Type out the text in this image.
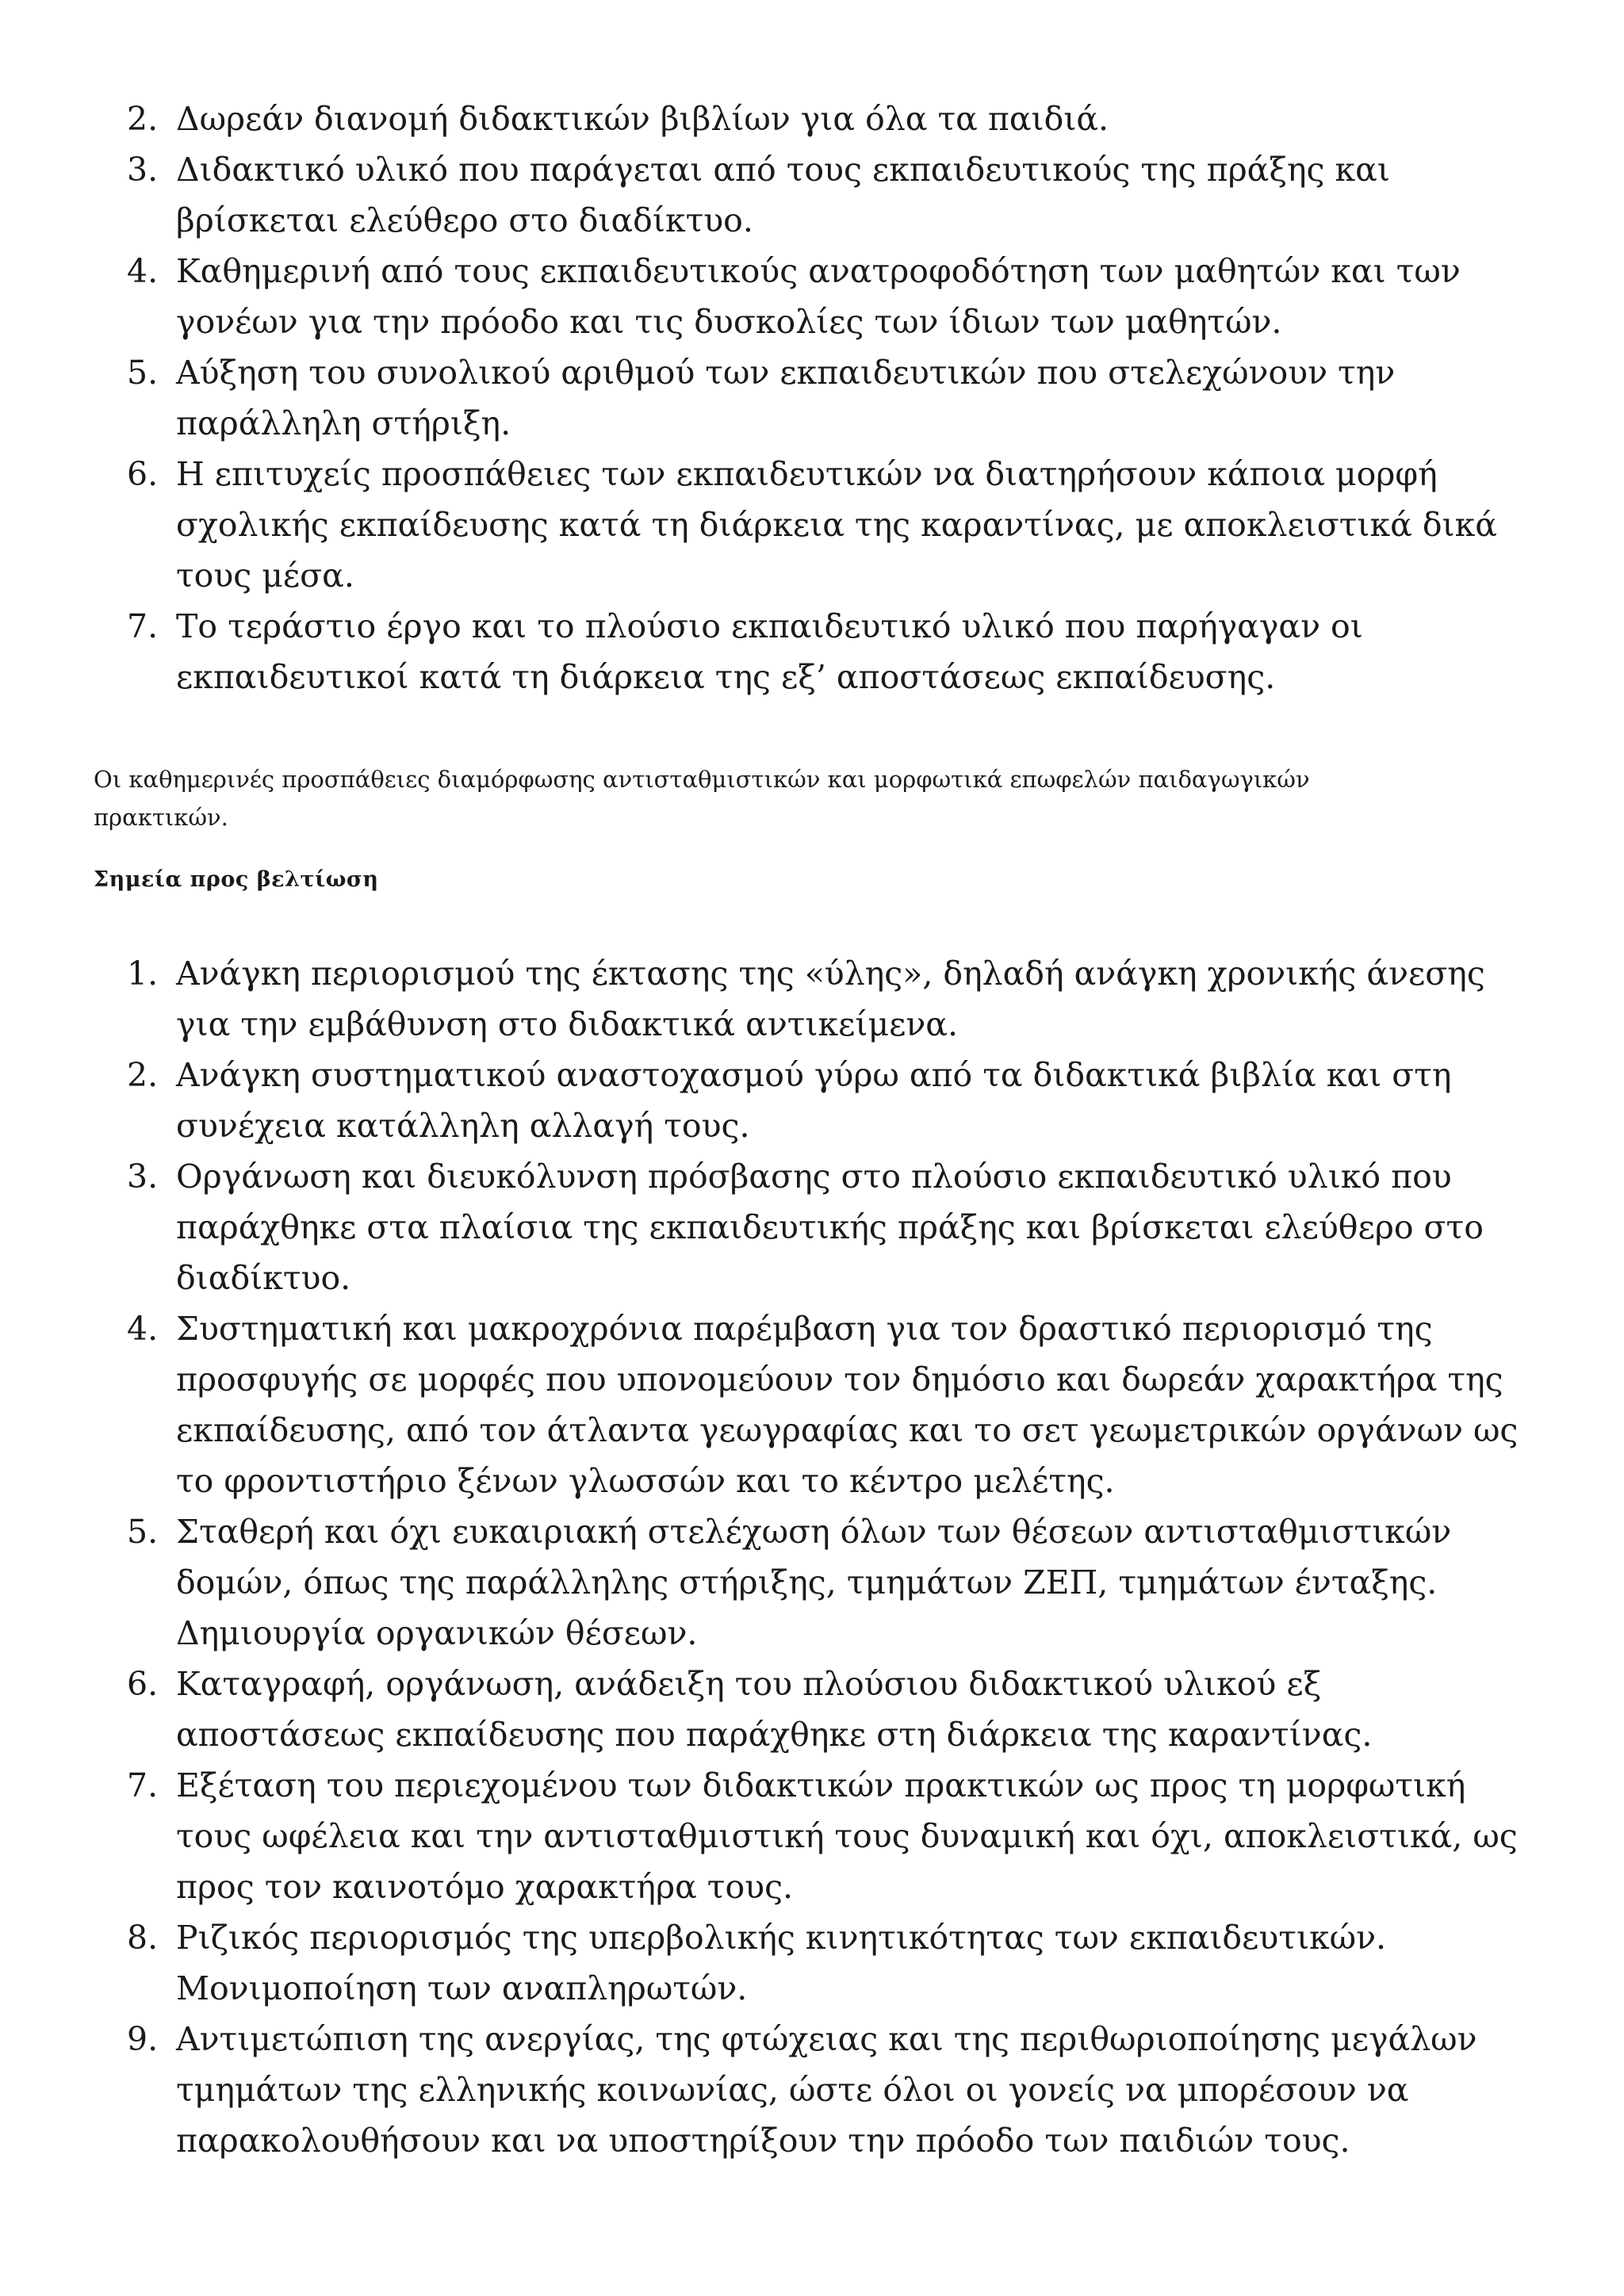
2. Δωρεάν διανομή διδακτικών βιβλίων για όλα τα παιδιά.
3. Διδακτικό υλικό που παράγεται από τους εκπαιδευτικούς της πράξης και βρίσκεται ελεύθερο στο διαδίκτυο.
4. Καθημερινή από τους εκπαιδευτικούς ανατροφοδότηση των μαθητών και των γονέων για την πρόοδο και τις δυσκολίες των ίδιων των μαθητών.
5. Αύξηση του συνολικού αριθμού των εκπαιδευτικών που στελεχώνουν την παράλληλη στήριξη.
6. Η επιτυχείς προσπάθειες των εκπαιδευτικών να διατηρήσουν κάποια μορφή σχολικής εκπαίδευσης κατά τη διάρκεια της καραντίνας, με αποκλειστικά δικά τους μέσα.
7. Το τεράστιο έργο και το πλούσιο εκπαιδευτικό υλικό που παρήγαγαν οι εκπαιδευτικοί κατά τη διάρκεια της εξ’ αποστάσεως εκπαίδευσης.

Οι καθημερινές προσπάθειες διαμόρφωσης αντισταθμιστικών και μορφωτικά επωφελών παιδαγωγικών πρακτικών.

Σημεία προς βελτίωση
1. Ανάγκη περιορισμού της έκτασης της «ύλης», δηλαδή ανάγκη χρονικής άνεσης για την εμβάθυνση στο διδακτικά αντικείμενα.
2. Ανάγκη συστηματικού αναστοχασμού γύρω από τα διδακτικά βιβλία και στη συνέχεια κατάλληλη αλλαγή τους.
3. Οργάνωση και διευκόλυνση πρόσβασης στο πλούσιο εκπαιδευτικό υλικό που παράχθηκε στα πλαίσια της εκπαιδευτικής πράξης και βρίσκεται ελεύθερο στο διαδίκτυο.
4. Συστηματική και μακροχρόνια παρέμβαση για τον δραστικό περιορισμό της προσφυγής σε μορφές που υπονομεύουν τον δημόσιο και δωρεάν χαρακτήρα της εκπαίδευσης, από τον άτλαντα γεωγραφίας και το σετ γεωμετρικών οργάνων ως το φροντιστήριο ξένων γλωσσών και το κέντρο μελέτης.
5. Σταθερή και όχι ευκαιριακή στελέχωση όλων των θέσεων αντισταθμιστικών δομών, όπως της παράλληλης στήριξης, τμημάτων ΖΕΠ, τμημάτων ένταξης. Δημιουργία οργανικών θέσεων.
6. Καταγραφή, οργάνωση, ανάδειξη του πλούσιου διδακτικού υλικού εξ αποστάσεως εκπαίδευσης που παράχθηκε στη διάρκεια της καραντίνας.
7. Εξέταση του περιεχομένου των διδακτικών πρακτικών ως προς τη μορφωτική τους ωφέλεια και την αντισταθμιστική τους δυναμική και όχι, αποκλειστικά, ως προς τον καινοτόμο χαρακτήρα τους.
8. Ριζικός περιορισμός της υπερβολικής κινητικότητας των εκπαιδευτικών. Μονιμοποίηση των αναπληρωτών.
9. Αντιμετώπιση της ανεργίας, της φτώχειας και της περιθωριοποίησης μεγάλων τμημάτων της ελληνικής κοινωνίας, ώστε όλοι οι γονείς να μπορέσουν να παρακολουθήσουν και να υποστηρίξουν την πρόοδο των παιδιών τους.
